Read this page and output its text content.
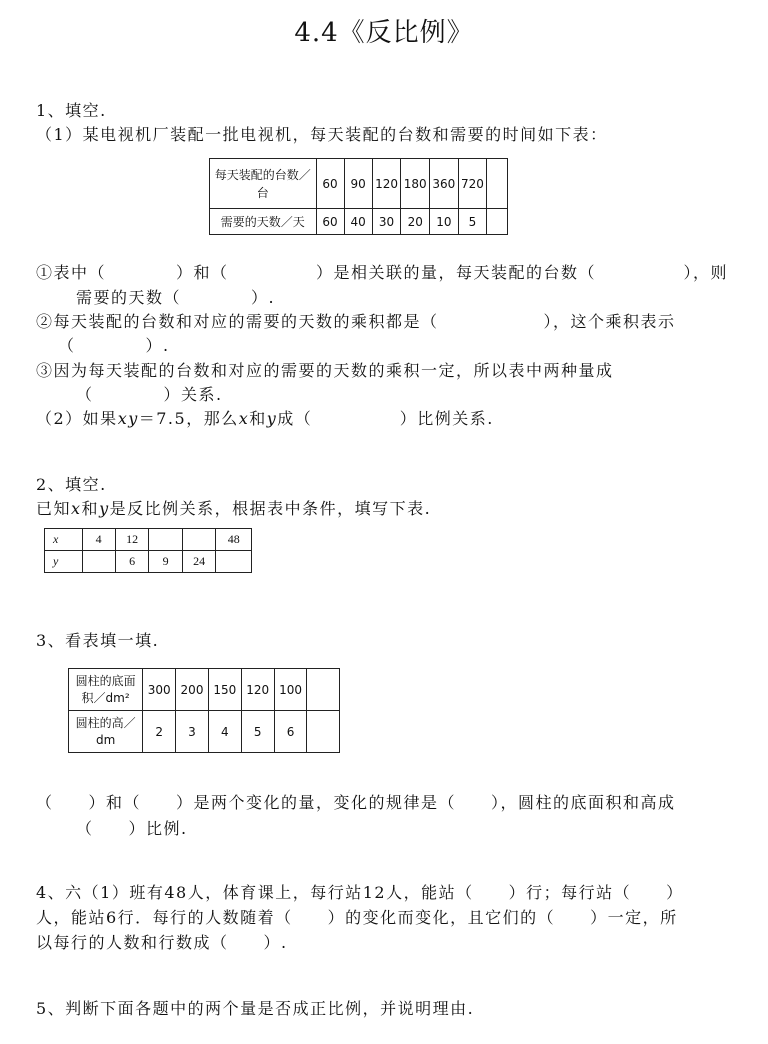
4.4《反比例》
1、填空.
（1）某电视机厂装配一批电视机，每天装配的台数和需要的时间如下表：
每天装配的台数／台	60	90	120	180	360	720	
需要的天数／天	60	40	30	20	10	5	
①表中（　　　　）和（　　　　　）是相关联的量，每天装配的台数（　　　　　），则
需要的天数（　　　　）.
②每天装配的台数和对应的需要的天数的乘积都是（　　　　　　），这个乘积表示
（　　　　）.
③因为每天装配的台数和对应的需要的天数的乘积一定，所以表中两种量成
（　　　　）关系.
（2）如果xy＝7.5，那么x和y成（　　　　　）比例关系.
2、填空.
已知x和y是反比例关系，根据表中条件，填写下表.
x	4	12			48
y		6	9	24	
3、看表填一填.
圆柱的底面
积／dm²	300	200	150	120	100	

圆柱的高／
dm	2	3	4	5	6	
（　　）和（　　）是两个变化的量，变化的规律是（　　），圆柱的底面积和高成
（　　）比例.
4、六（1）班有48人，体育课上，每行站12人，能站（　　）行；每行站（　　）
人，能站6行．每行的人数随着（　　）的变化而变化，且它们的（　　）一定，所
以每行的人数和行数成（　　）.
5、判断下面各题中的两个量是否成正比例，并说明理由.
